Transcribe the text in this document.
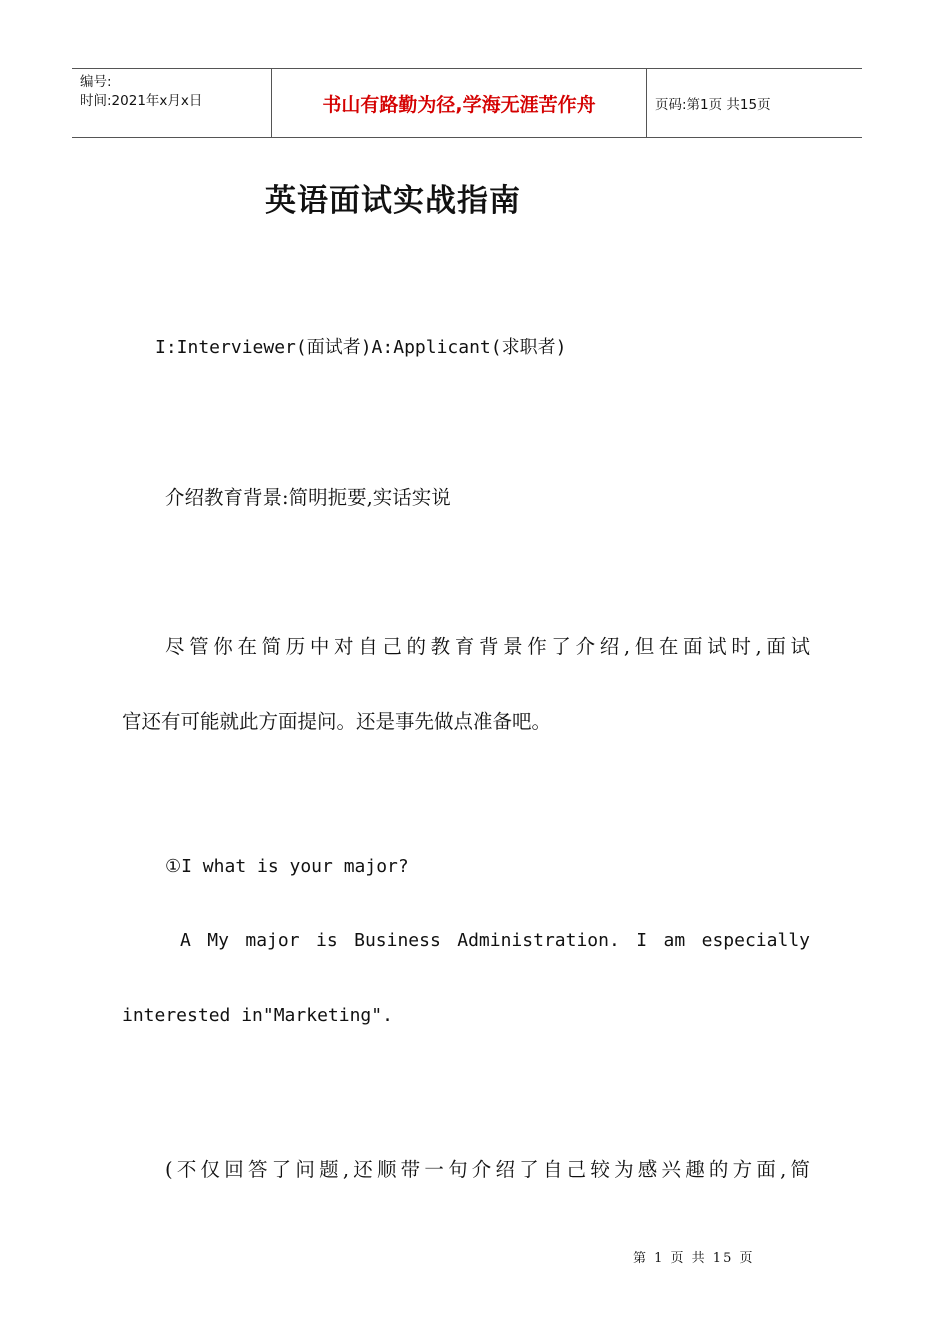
编号:
时间:2021年x月x日	书山有路勤为径,学海无涯苦作舟	页码:第1页 共15页
英语面试实战指南
I:Interviewer(面试者)A:Applicant(求职者)
介绍教育背景:简明扼要,实话实说
尽管你在简历中对自己的教育背景作了介绍,但在面试时,面试
官还有可能就此方面提问。还是事先做点准备吧。
①I what is your major?
A My major is Business Administration. I am especially
interested in"Marketing".
(不仅回答了问题,还顺带一句介绍了自己较为感兴趣的方面,简
第 1 页 共 15 页
